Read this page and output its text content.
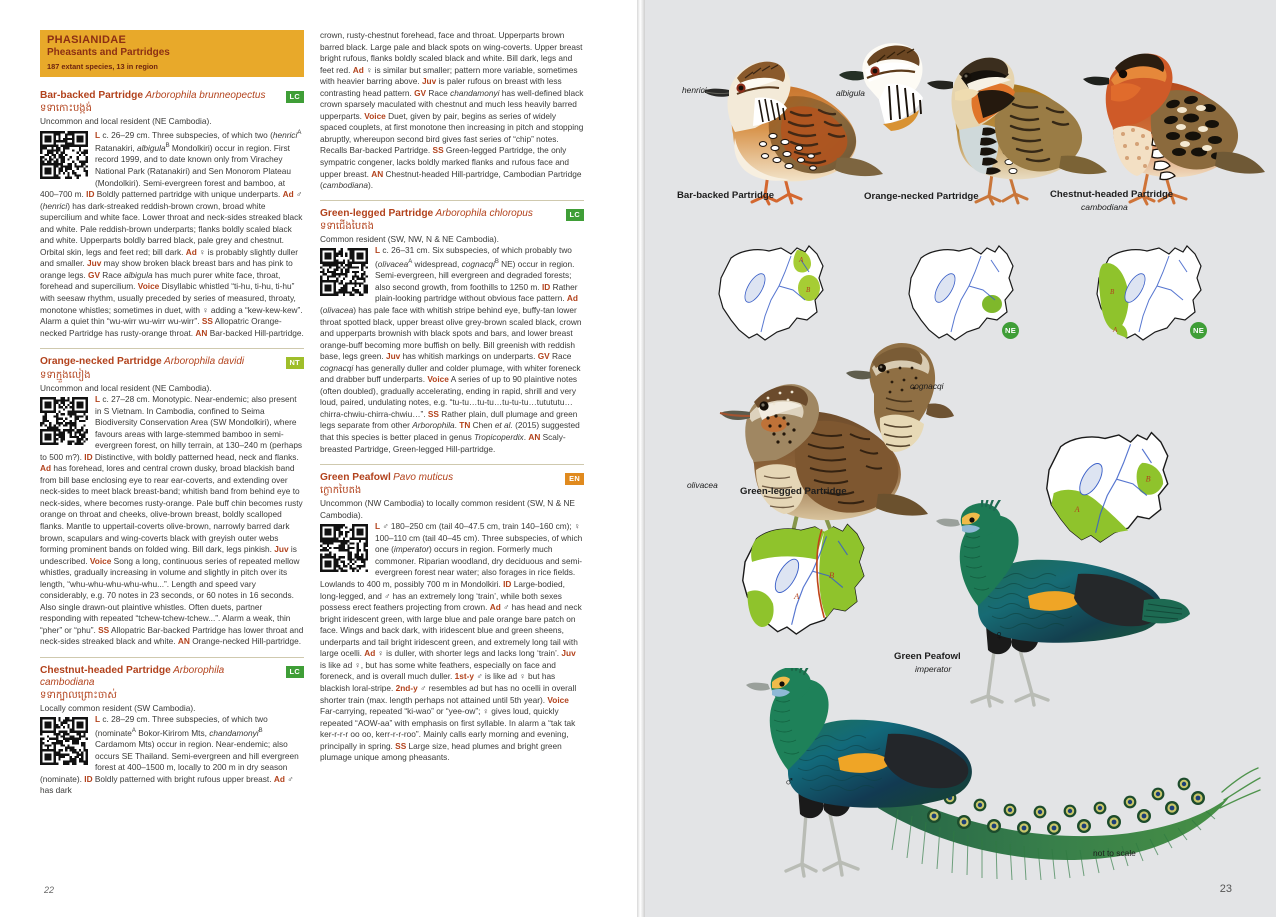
PHASIANIDAE
Pheasants and Partridges
187 extant species, 13 in region
Bar-backed Partridge Arborophila brunneopectus	LC
ទទាកោះបង្កង់
Uncommon and local resident (NE Cambodia).
L c. 26–29 cm. Three subspecies, of which two (henrici$^A$ Ratanakiri, albigula$^B$ Mondolkiri) occur in region. First record 1999, and to date known only from Virachey National Park (Ratanakiri) and Sen Monorom Plateau (Mondolkiri). Semi-evergreen forest and bamboo, at 400–700 m. ID Boldly patterned partridge with unique underparts. Ad ♂ (henrici) has dark-streaked reddish-brown crown, broad white supercilium and white face. Lower throat and neck-sides streaked black and white. Pale reddish-brown underparts; flanks boldly scaled black and white. Upperparts boldly barred black, pale grey and chestnut. Orbital skin, legs and feet red; bill dark. Ad ♀ is probably slightly duller and smaller. Juv may show broken black breast bars and has pink to orange legs. GV Race albigula has much purer white face, throat, forehead and supercilium. Voice Disyllabic whistled “ti-hu, ti-hu, ti-hu” with seesaw rhythm, usually preceded by series of measured, throaty, monotone whistles; sometimes in duet, with ♀ adding a “kew-kew-kew”. Alarm a quiet thin “wu-wirr wu-wirr wu-wirr”. SS Allopatric Orange-necked Partridge has rusty-orange throat. AN Bar-backed Hill-partridge.
Orange-necked Partridge Arborophila davidi	NT
ទទាក្មួងលៀង
Uncommon and local resident (NE Cambodia).
L c. 27–28 cm. Monotypic. Near-endemic; also present in S Vietnam. In Cambodia, confined to Seima Biodiversity Conservation Area (SW Mondolkiri), where favours areas with large-stemmed bamboo in semi-evergreen forest, on hilly terrain, at 130–240 m (perhaps to 500 m?). ID Distinctive, with boldly patterned head, neck and flanks. Ad has forehead, lores and central crown dusky, broad blackish band from bill base enclosing eye to rear ear-coverts, and extending over neck-sides to meet black breast-band; whitish band from behind eye to neck-sides, where becomes rusty-orange. Pale buff chin becomes rusty orange on throat and cheeks, olive-brown breast, boldly scalloped flanks. Mantle to uppertail-coverts olive-brown, narrowly barred dark brown, scapulars and wing-coverts black with greyish outer webs forming prominent bands on folded wing. Bill dark, legs pinkish. Juv is undescribed. Voice Song a long, continuous series of repeated mellow whistles, gradually increasing in volume and slightly in pitch over its length, “whu-whu-whu-whu-whu...”. Length and speed vary considerably, e.g. 70 notes in 23 seconds, or 60 notes in 16 seconds. Also single drawn-out plaintive whistles. Often duets, partner responding with repeated “tchew-tchew-tchew...”. Alarm a weak, thin “pher” or “phu”. SS Allopatric Bar-backed Partridge has lower throat and neck-sides streaked black and white. AN Orange-necked Hill-partridge.
Chestnut-headed Partridge Arborophila cambodiana
LC
ទទាក្បាលព្រោះចាស់
Locally common resident (SW Cambodia).
L c. 28–29 cm. Three subspecies, of which two (nominate$^A$ Bokor-Kirirom Mts, chandamonyi$^B$ Cardamom Mts) occur in region. Near-endemic; also occurs SE Thailand. Semi-evergreen and hill evergreen forest at 400–1500 m, locally to 200 m in dry season (nominate). ID Boldly patterned with bright rufous upper breast. Ad ♂ has dark
crown, rusty-chestnut forehead, face and throat. Upperparts brown barred black. Large pale and black spots on wing-coverts. Upper breast bright rufous, flanks boldly scaled black and white. Bill dark, legs and feet red. Ad ♀ is similar but smaller; pattern more variable, sometimes with heavier barring above. Juv is paler rufous on breast with less contrasting head pattern. GV Race chandamonyi has well-defined black crown sparsely maculated with chestnut and much less heavily barred upperparts. Voice Duet, given by pair, begins as series of widely spaced couplets, at first monotone then increasing in pitch and stopping abruptly, whereupon second bird gives fast series of “chip” notes. Recalls Bar-backed Partridge. SS Green-legged Partridge, the only sympatric congener, lacks boldly marked flanks and rufous face and upper breast. AN Chestnut-headed Hill-partridge, Cambodian Partridge (cambodiana).
Green-legged Partridge Arborophila chloropus	LC
ទទាជើងបៃតង
Common resident (SW, NW, N & NE Cambodia).
L c. 26–31 cm. Six subspecies, of which probably two (olivacea$^A$ widespread, cognacqi$^B$ NE) occur in region. Semi-evergreen, hill evergreen and degraded forests; also second growth, from foothills to 1250 m. ID Rather plain-looking partridge without obvious face pattern. Ad (olivacea) has pale face with whitish stripe behind eye, buffy-tan lower throat spotted black, upper breast olive grey-brown scaled black, crown and upperparts brownish with black spots and bars, and lower breast orange-buff becoming more buffish on belly. Bill greenish with reddish base, legs green. Juv has whitish markings on underparts. GV Race cognacqi has generally duller and colder plumage, with whiter foreneck and drabber buff underparts. Voice A series of up to 90 plaintive notes (often doubled), gradually accelerating, ending in rapid, shrill and very loud, paired, undulating notes, e.g. “tu-tu…tu-tu…tu-tu-tu…tutututu…chirra-chwiu-chirra-chwiu…”. SS Rather plain, dull plumage and green legs separate from other Arborophila. TN Chen et al. (2015) suggested that this species is better placed in genus Tropicoperdix. AN Scaly-breasted Partridge, Green-legged Hill-partridge.
Green Peafowl Pavo muticus	EN
ក្ងោកបៃតង
Uncommon (NW Cambodia) to locally common resident (SW, N & NE Cambodia).
L ♂ 180–250 cm (tail 40–47.5 cm, train 140–160 cm); ♀ 100–110 cm (tail 40–45 cm). Three subspecies, of which one (imperator) occurs in region. Formerly much commoner. Riparian woodland, dry deciduous and semi-evergreen forest near water; also forages in rice fields. Lowlands to 400 m, possibly 700 m in Mondolkiri. ID Large-bodied, long-legged, and ♂ has an extremely long ‘train’, while both sexes possess erect feathers projecting from crown. Ad ♂ has head and neck bright iridescent green, with large blue and pale orange bare patch on face. Wings and back dark, with iridescent blue and green sheens, underparts and tail bright iridescent green, and extremely long tail with large ocelli. Ad ♀ is duller, with shorter legs and lacks long ‘train’. Juv is like ad ♀, but has some white feathers, especially on face and foreneck, and is overall much duller. 1st-y ♂ is like ad ♀ but has blackish loral-stripe. 2nd-y ♂ resembles ad but has no ocelli in overall shorter train (max. length perhaps not attained until 5th year). Voice Far-carrying, repeated “ki-wao” or “yee-ow”; ♀ gives loud, quickly repeated “AOW-aa” with emphasis on first syllable. In alarm a “tak tak ker-r-r-r oo oo, kerr-r-r-roo”. Mainly calls early morning and evening, principally in spring. SS Large size, head plumes and bright green plumage unique among pheasants.
22
A
B
NE
B
A	NE
B
A
A
B
henrici	albigula
olivacea
cognacqi
Bar-backed Partridge	Orange-necked Partridge	Chestnut-headed Partridge
cambodiana
Green-legged Partridge
Green Peafowl
imperator
♀
♂
not to scale
23
